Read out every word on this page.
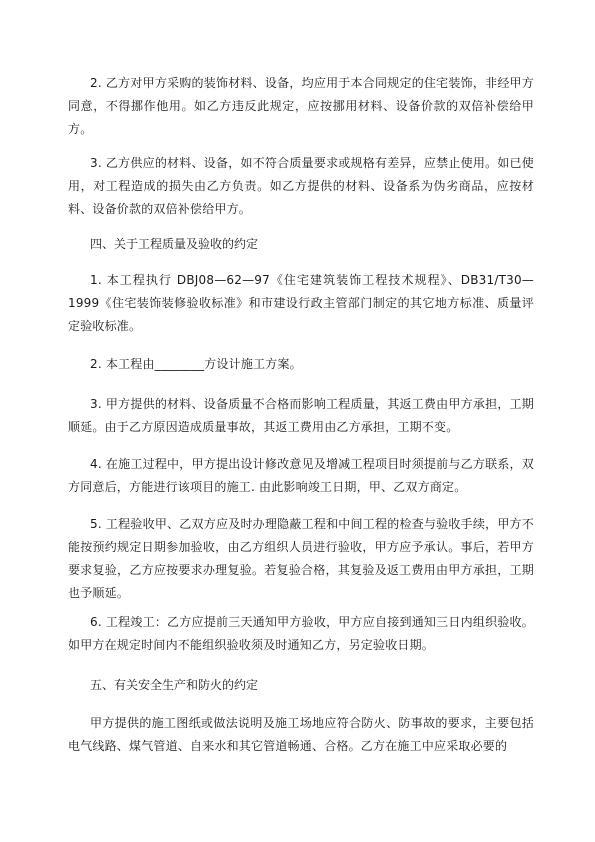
2. 乙方对甲方采购的装饰材料、设备，均应用于本合同规定的住宅装饰，非经甲方同意，不得挪作他用。如乙方违反此规定，应按挪用材料、设备价款的双倍补偿给甲方。

3. 乙方供应的材料、设备，如不符合质量要求或规格有差异，应禁止使用。如已使用，对工程造成的损失由乙方负责。如乙方提供的材料、设备系为伪劣商品，应按材料、设备价款的双倍补偿给甲方。

四、关于工程质量及验收的约定

1. 本工程执行 DBJ08—62—97《住宅建筑装饰工程技术规程》、DB31/T30—1999《住宅装饰装修验收标准》和市建设行政主管部门制定的其它地方标准、质量评定验收标准。

2. 本工程由________方设计施工方案。

3. 甲方提供的材料、设备质量不合格而影响工程质量，其返工费由甲方承担，工期顺延。由于乙方原因造成质量事故，其返工费用由乙方承担，工期不变。

4. 在施工过程中，甲方提出设计修改意见及增减工程项目时须提前与乙方联系，双方同意后，方能进行该项目的施工. 由此影响竣工日期，甲、乙双方商定。

5. 工程验收甲、乙双方应及时办理隐蔽工程和中间工程的检查与验收手续，甲方不能按预约规定日期参加验收，由乙方组织人员进行验收，甲方应予承认。事后，若甲方要求复验，乙方应按要求办理复验。若复验合格，其复验及返工费用由甲方承担，工期也予顺延。

6. 工程竣工：乙方应提前三天通知甲方验收，甲方应自接到通知三日内组织验收。如甲方在规定时间内不能组织验收须及时通知乙方，另定验收日期。

五、有关安全生产和防火的约定

甲方提供的施工图纸或做法说明及施工场地应符合防火、防事故的要求，主要包括电气线路、煤气管道、自来水和其它管道畅通、合格。乙方在施工中应采取必要的
